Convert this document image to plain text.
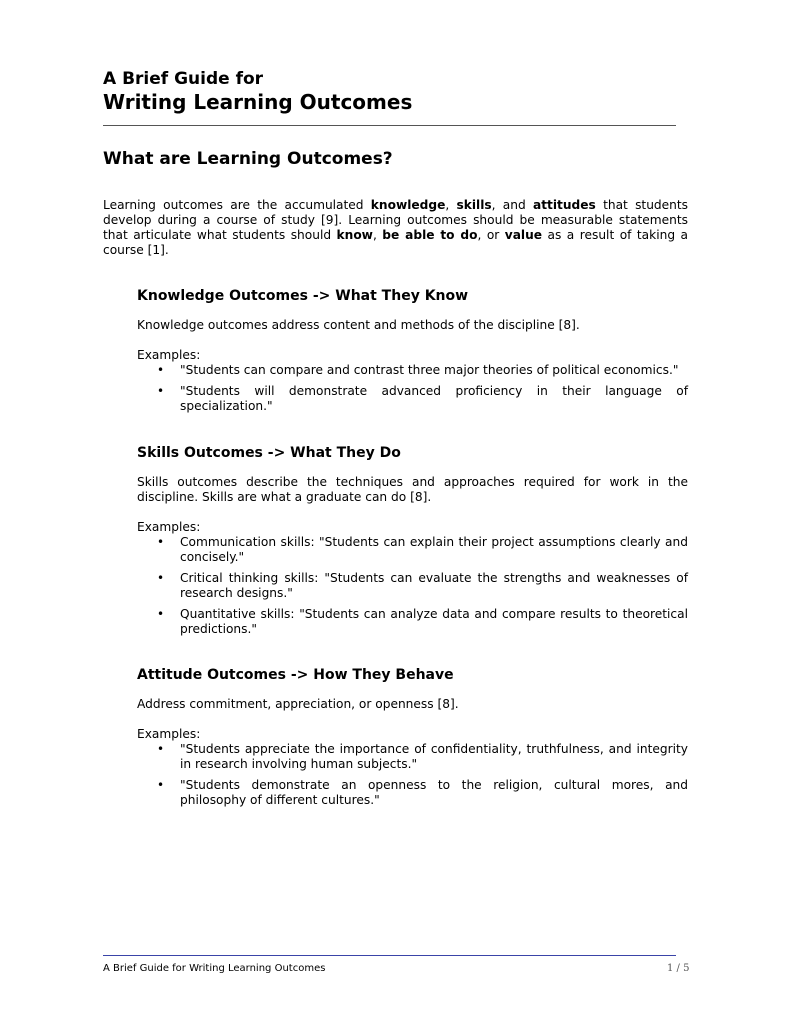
A Brief Guide for

Writing Learning Outcomes

What are Learning Outcomes?

Learning outcomes are the accumulated knowledge, skills, and attitudes that students develop during a course of study [9]. Learning outcomes should be measurable statements that articulate what students should know, be able to do, or value as a result of taking a course [1].

Knowledge Outcomes -> What They Know

Knowledge outcomes address content and methods of the discipline [8].

Examples:

• "Students can compare and contrast three major theories of political economics."
• "Students will demonstrate advanced proficiency in their language of specialization."

Skills Outcomes -> What They Do

Skills outcomes describe the techniques and approaches required for work in the discipline. Skills are what a graduate can do [8].

Examples:

• Communication skills: "Students can explain their project assumptions clearly and concisely."
• Critical thinking skills: "Students can evaluate the strengths and weaknesses of research designs."
• Quantitative skills: "Students can analyze data and compare results to theoretical predictions."

Attitude Outcomes -> How They Behave

Address commitment, appreciation, or openness [8].

Examples:

• "Students appreciate the importance of confidentiality, truthfulness, and integrity in research involving human subjects."
• "Students demonstrate an openness to the religion, cultural mores, and philosophy of different cultures."

A Brief Guide for Writing Learning Outcomes	1 / 5
